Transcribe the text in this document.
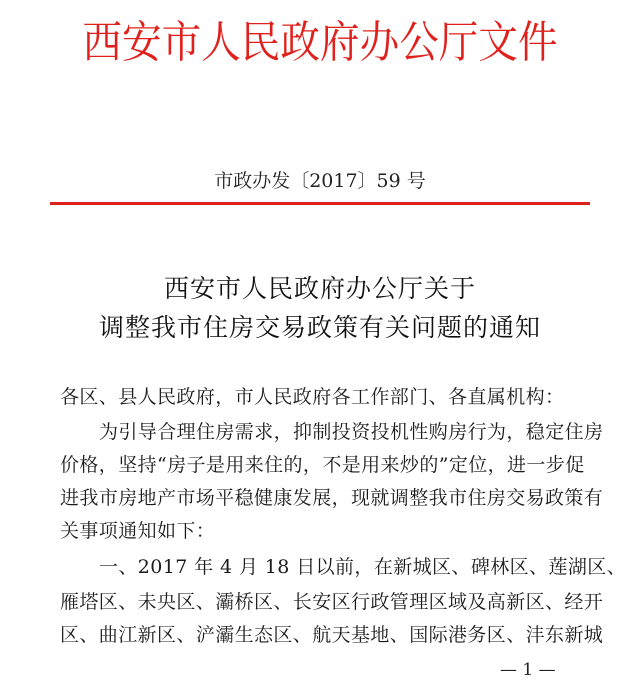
西安市人民政府办公厅文件
市政办发〔2017〕59 号
西安市人民政府办公厅关于
调整我市住房交易政策有关问题的通知
各区、县人民政府，市人民政府各工作部门、各直属机构：
为引导合理住房需求，抑制投资投机性购房行为，稳定住房
价格，坚持“房子是用来住的，不是用来炒的”定位，进一步促
进我市房地产市场平稳健康发展，现就调整我市住房交易政策有
关事项通知如下：
一、2017 年 4 月 18 日以前，在新城区、碑林区、莲湖区、
雁塔区、未央区、灞桥区、长安区行政管理区域及高新区、经开
区、曲江新区、浐灞生态区、航天基地、国际港务区、沣东新城
— 1 —
